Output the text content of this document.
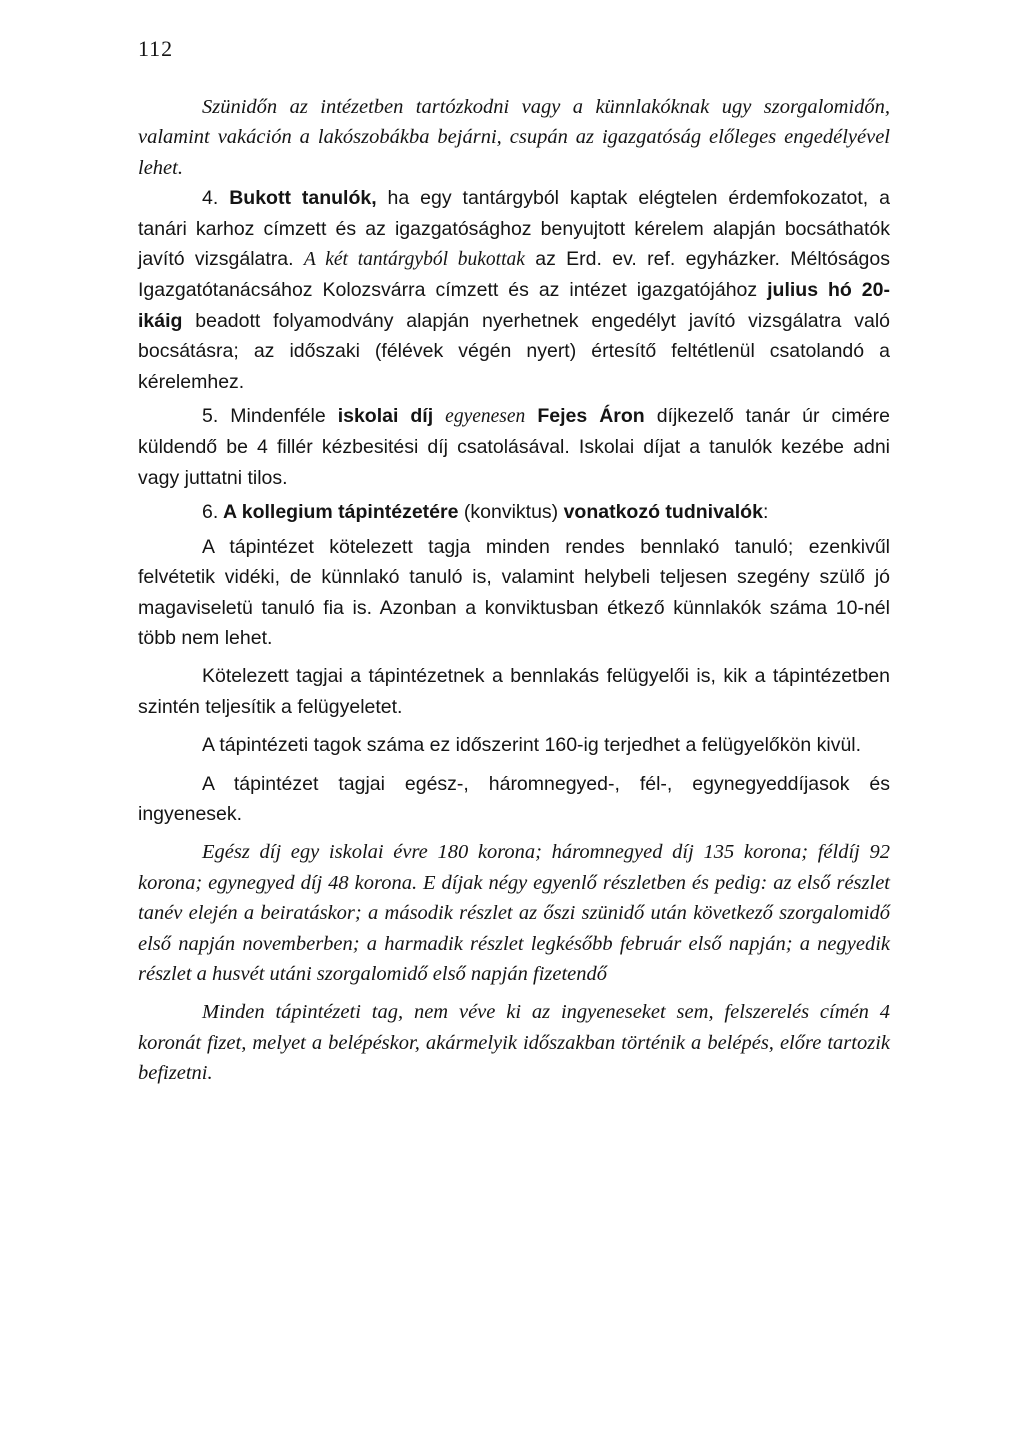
112

Szünidőn az intézetben tartózkodni vagy a künnlakóknak ugy szorgalomidőn, valamint vakáción a lakószobákba bejárni, csupán az igazgatóság előleges engedélyével lehet.

4. Bukott tanulók, ha egy tantárgyból kaptak elégtelen érdemfokozatot, a tanári karhoz címzett és az igazgatósághoz benyujtott kérelem alapján bocsáthatók javító vizsgálatra. A két tantárgyból bukottak az Erd. ev. ref. egyházker. Méltóságos Igazgatótanácsához Kolozsvárra címzett és az intézet igazgatójához julius hó 20-ikáig beadott folyamodvány alapján nyerhetnek engedélyt javító vizsgálatra való bocsátásra; az időszaki (félévek végén nyert) értesítő feltétlenül csatolandó a kérelemhez.

5. Mindenféle iskolai díj egyenesen Fejes Áron díjkezelő tanár úr cimére küldendő be 4 fillér kézbesitési díj csatolásával. Iskolai díjat a tanulók kezébe adni vagy juttatni tilos.

6. A kollegium tápintézetére (konviktus) vonatkozó tudnivalók:

A tápintézet kötelezett tagja minden rendes bennlakó tanuló; ezenkivűl felvétetik vidéki, de künnlakó tanuló is, valamint helybeli teljesen szegény szülő jó magaviseletü tanuló fia is. Azonban a konviktusban étkező künnlakók száma 10-nél több nem lehet.

Kötelezett tagjai a tápintézetnek a bennlakás felügyelői is, kik a tápintézetben szintén teljesítik a felügyeletet.

A tápintézeti tagok száma ez időszerint 160-ig terjedhet a felügyelőkön kivül.

A tápintézet tagjai egész-, háromnegyed-, fél-, egynegyeddíjasok és ingyenesek.

Egész díj egy iskolai évre 180 korona; háromnegyed díj 135 korona; féldíj 92 korona; egynegyed díj 48 korona. E díjak négy egyenlő részletben és pedig: az első részlet tanév elején a beiratáskor; a második részlet az őszi szünidő után következő szorgalomidő első napján novemberben; a harmadik részlet legkésőbb február első napján; a negyedik részlet a husvét utáni szorgalomidő első napján fizetendő

Minden tápintézeti tag, nem véve ki az ingyeneseket sem, felszerelés címén 4 koronát fizet, melyet a belépéskor, akármelyik időszakban történik a belépés, előre tartozik befizetni.
